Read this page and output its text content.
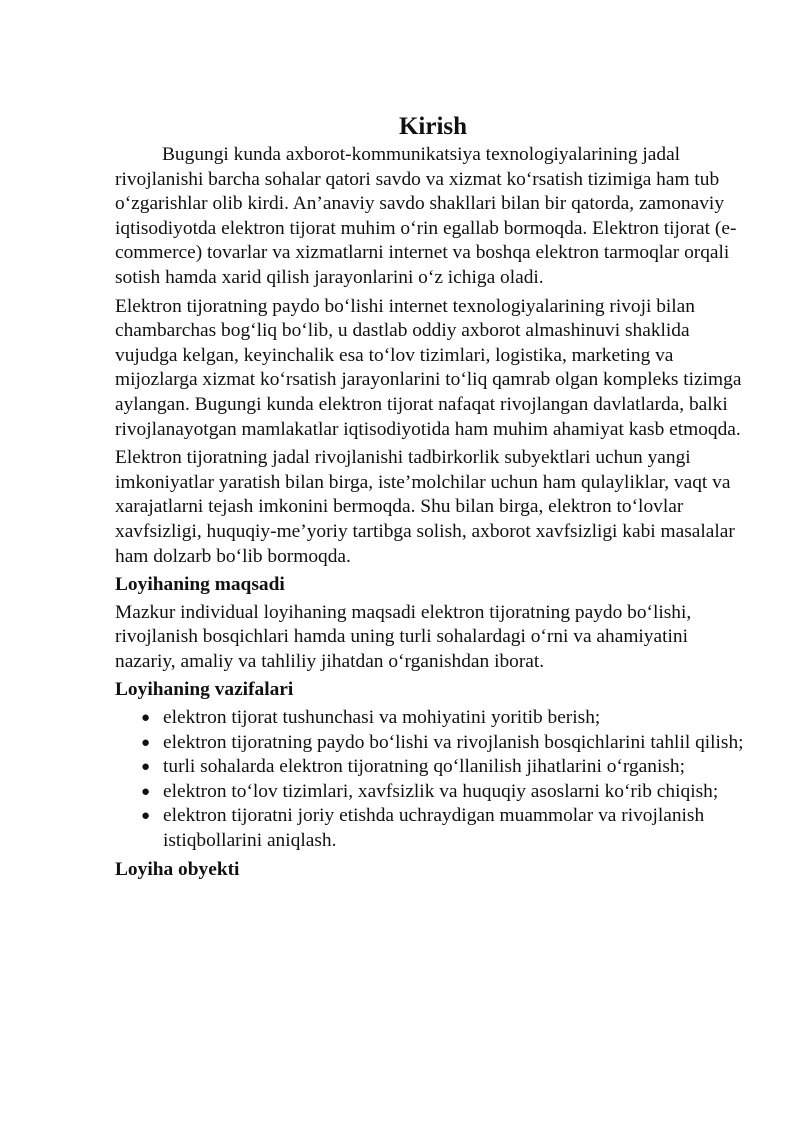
Kirish

Bugungi kunda axborot-kommunikatsiya texnologiyalarining jadal rivojlanishi barcha sohalar qatori savdo va xizmat ko‘rsatish tizimiga ham tub o‘zgarishlar olib kirdi. An’anaviy savdo shakllari bilan bir qatorda, zamonaviy iqtisodiyotda elektron tijorat muhim o‘rin egallab bormoqda. Elektron tijorat (e-commerce) tovarlar va xizmatlarni internet va boshqa elektron tarmoqlar orqali sotish hamda xarid qilish jarayonlarini o‘z ichiga oladi.

Elektron tijoratning paydo bo‘lishi internet texnologiyalarining rivoji bilan chambarchas bog‘liq bo‘lib, u dastlab oddiy axborot almashinuvi shaklida vujudga kelgan, keyinchalik esa to‘lov tizimlari, logistika, marketing va mijozlarga xizmat ko‘rsatish jarayonlarini to‘liq qamrab olgan kompleks tizimga aylangan. Bugungi kunda elektron tijorat nafaqat rivojlangan davlatlarda, balki rivojlanayotgan mamlakatlar iqtisodiyotida ham muhim ahamiyat kasb etmoqda.

Elektron tijoratning jadal rivojlanishi tadbirkorlik subyektlari uchun yangi imkoniyatlar yaratish bilan birga, iste’molchilar uchun ham qulayliklar, vaqt va xarajatlarni tejash imkonini bermoqda. Shu bilan birga, elektron to‘lovlar xavfsizligi, huquqiy-me’yoriy tartibga solish, axborot xavfsizligi kabi masalalar ham dolzarb bo‘lib bormoqda.

Loyihaning maqsadi

Mazkur individual loyihaning maqsadi elektron tijoratning paydo bo‘lishi, rivojlanish bosqichlari hamda uning turli sohalardagi o‘rni va ahamiyatini nazariy, amaliy va tahliliy jihatdan o‘rganishdan iborat.

Loyihaning vazifalari
● elektron tijorat tushunchasi va mohiyatini yoritib berish;
● elektron tijoratning paydo bo‘lishi va rivojlanish bosqichlarini tahlil qilish;
● turli sohalarda elektron tijoratning qo‘llanilish jihatlarini o‘rganish;
● elektron to‘lov tizimlari, xavfsizlik va huquqiy asoslarni ko‘rib chiqish;
● elektron tijoratni joriy etishda uchraydigan muammolar va rivojlanish istiqbollarini aniqlash.
Loyiha obyekti
